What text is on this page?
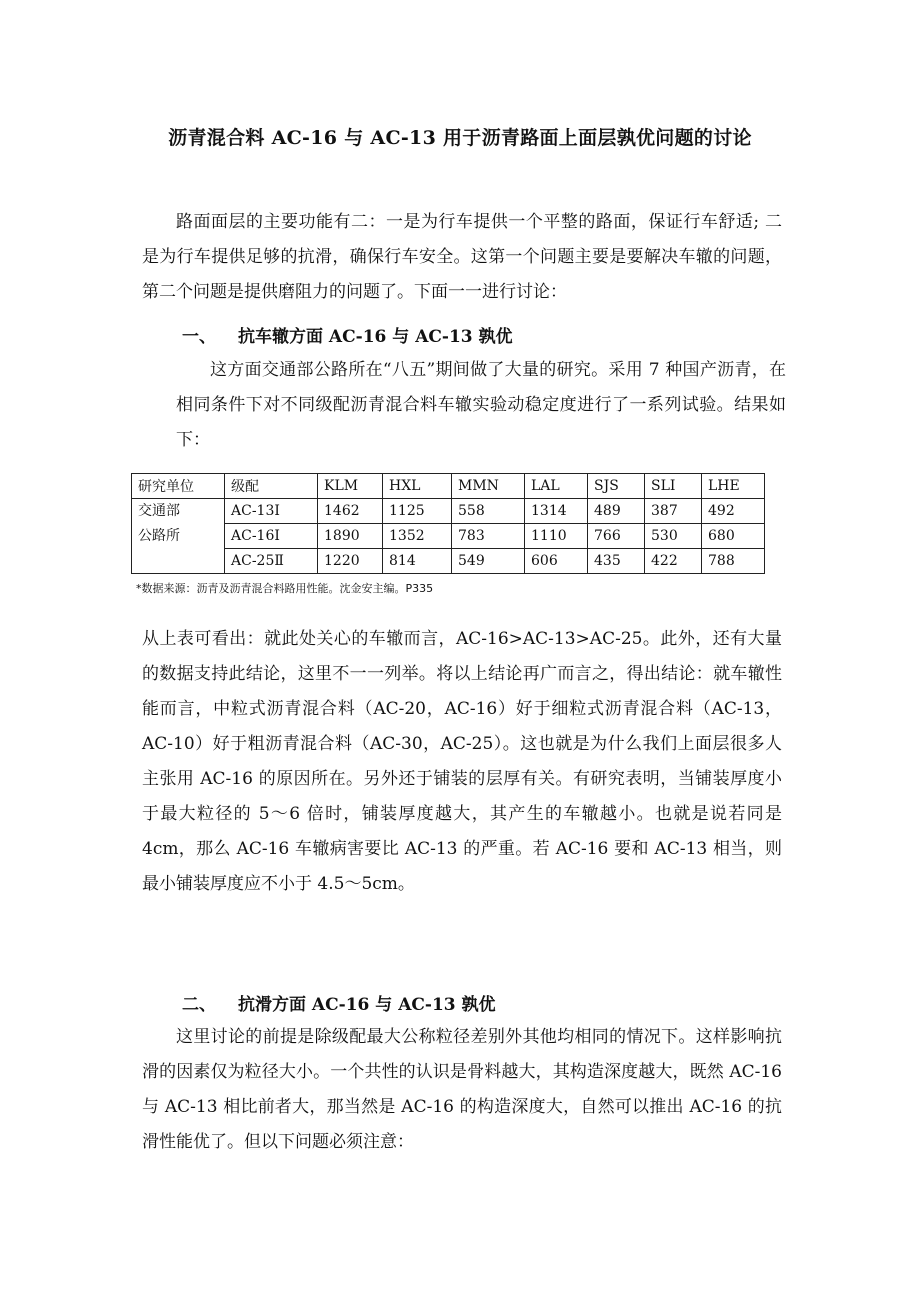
沥青混合料 AC-16 与 AC-13 用于沥青路面上面层孰优问题的讨论

路面面层的主要功能有二：一是为行车提供一个平整的路面，保证行车舒适; 二是为行车提供足够的抗滑，确保行车安全。这第一个问题主要是要解决车辙的问题，第二个问题是提供磨阻力的问题了。下面一一进行讨论：

一、 抗车辙方面 AC-16 与 AC-13 孰优

这方面交通部公路所在“八五”期间做了大量的研究。采用 7 种国产沥青，在相同条件下对不同级配沥青混合料车辙实验动稳定度进行了一系列试验。结果如下：

研究单位	级配	KLM	HXL	MMN	LAL	SJS	SLI	LHE

交通部
公路所	AC-13Ⅰ	1462	1125	558	1314	489	387	492
	AC-16Ⅰ	1890	1352	783	1110	766	530	680
	AC-25Ⅱ	1220	814	549	606	435	422	788
*数据来源：沥青及沥青混合料路用性能。沈金安主编。P335

从上表可看出：就此处关心的车辙而言，AC-16>AC-13>AC-25。此外，还有大量的数据支持此结论，这里不一一列举。将以上结论再广而言之，得出结论：就车辙性能而言，中粒式沥青混合料（AC-20，AC-16）好于细粒式沥青混合料（AC-13，AC-10）好于粗沥青混合料（AC-30，AC-25）。这也就是为什么我们上面层很多人主张用 AC-16 的原因所在。另外还于铺装的层厚有关。有研究表明，当铺装厚度小于最大粒径的 5～6 倍时，铺装厚度越大，其产生的车辙越小。也就是说若同是 4cm，那么 AC-16 车辙病害要比 AC-13 的严重。若 AC-16 要和 AC-13 相当，则最小铺装厚度应不小于 4.5～5cm。

二、 抗滑方面 AC-16 与 AC-13 孰优

这里讨论的前提是除级配最大公称粒径差别外其他均相同的情况下。这样影响抗滑的因素仅为粒径大小。一个共性的认识是骨料越大，其构造深度越大，既然 AC-16 与 AC-13 相比前者大，那当然是 AC-16 的构造深度大，自然可以推出 AC-16 的抗滑性能优了。但以下问题必须注意：
